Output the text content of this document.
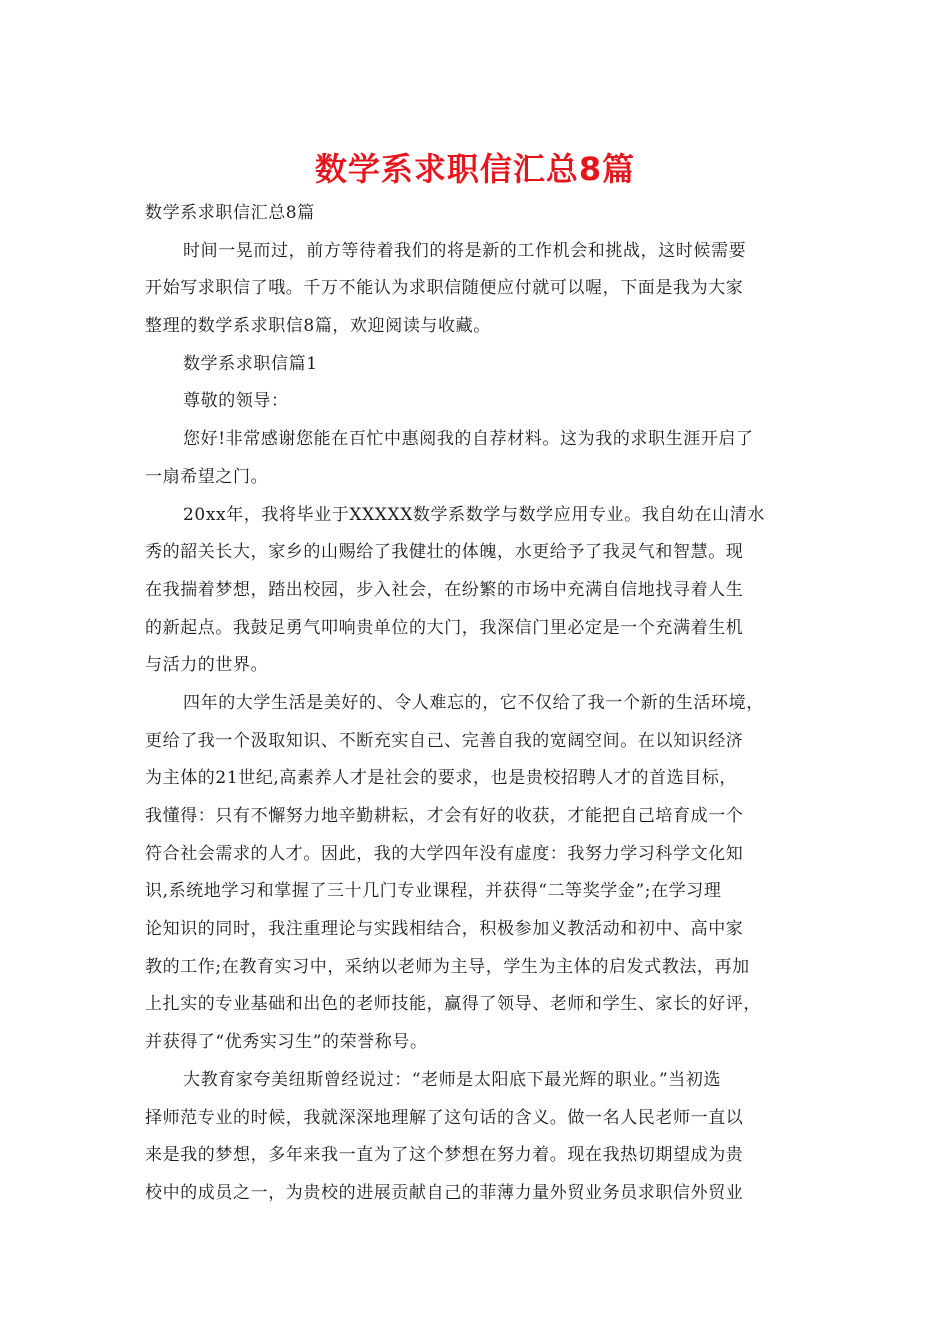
数学系求职信汇总8篇
数学系求职信汇总8篇
时间一晃而过，前方等待着我们的将是新的工作机会和挑战，这时候需要
开始写求职信了哦。千万不能认为求职信随便应付就可以喔，下面是我为大家
整理的数学系求职信8篇，欢迎阅读与收藏。
数学系求职信篇1
尊敬的领导：
您好!非常感谢您能在百忙中惠阅我的自荐材料。这为我的求职生涯开启了
一扇希望之门。
20xx年，我将毕业于XXXXX数学系数学与数学应用专业。我自幼在山清水
秀的韶关长大，家乡的山赐给了我健壮的体魄，水更给予了我灵气和智慧。现
在我揣着梦想，踏出校园，步入社会，在纷繁的市场中充满自信地找寻着人生
的新起点。我鼓足勇气叩响贵单位的大门，我深信门里必定是一个充满着生机
与活力的世界。
四年的大学生活是美好的、令人难忘的，它不仅给了我一个新的生活环境，
更给了我一个汲取知识、不断充实自己、完善自我的宽阔空间。在以知识经济
为主体的21世纪,高素养人才是社会的要求，也是贵校招聘人才的首选目标，
我懂得：只有不懈努力地辛勤耕耘，才会有好的收获，才能把自己培育成一个
符合社会需求的人才。因此，我的大学四年没有虚度：我努力学习科学文化知
识,系统地学习和掌握了三十几门专业课程，并获得“二等奖学金”;在学习理
论知识的同时，我注重理论与实践相结合，积极参加义教活动和初中、高中家
教的工作;在教育实习中，采纳以老师为主导，学生为主体的启发式教法，再加
上扎实的专业基础和出色的老师技能，赢得了领导、老师和学生、家长的好评，
并获得了“优秀实习生”的荣誉称号。
大教育家夸美纽斯曾经说过：“老师是太阳底下最光辉的职业。”当初选
择师范专业的时候，我就深深地理解了这句话的含义。做一名人民老师一直以
来是我的梦想，多年来我一直为了这个梦想在努力着。现在我热切期望成为贵
校中的成员之一，为贵校的进展贡献自己的菲薄力量外贸业务员求职信外贸业
